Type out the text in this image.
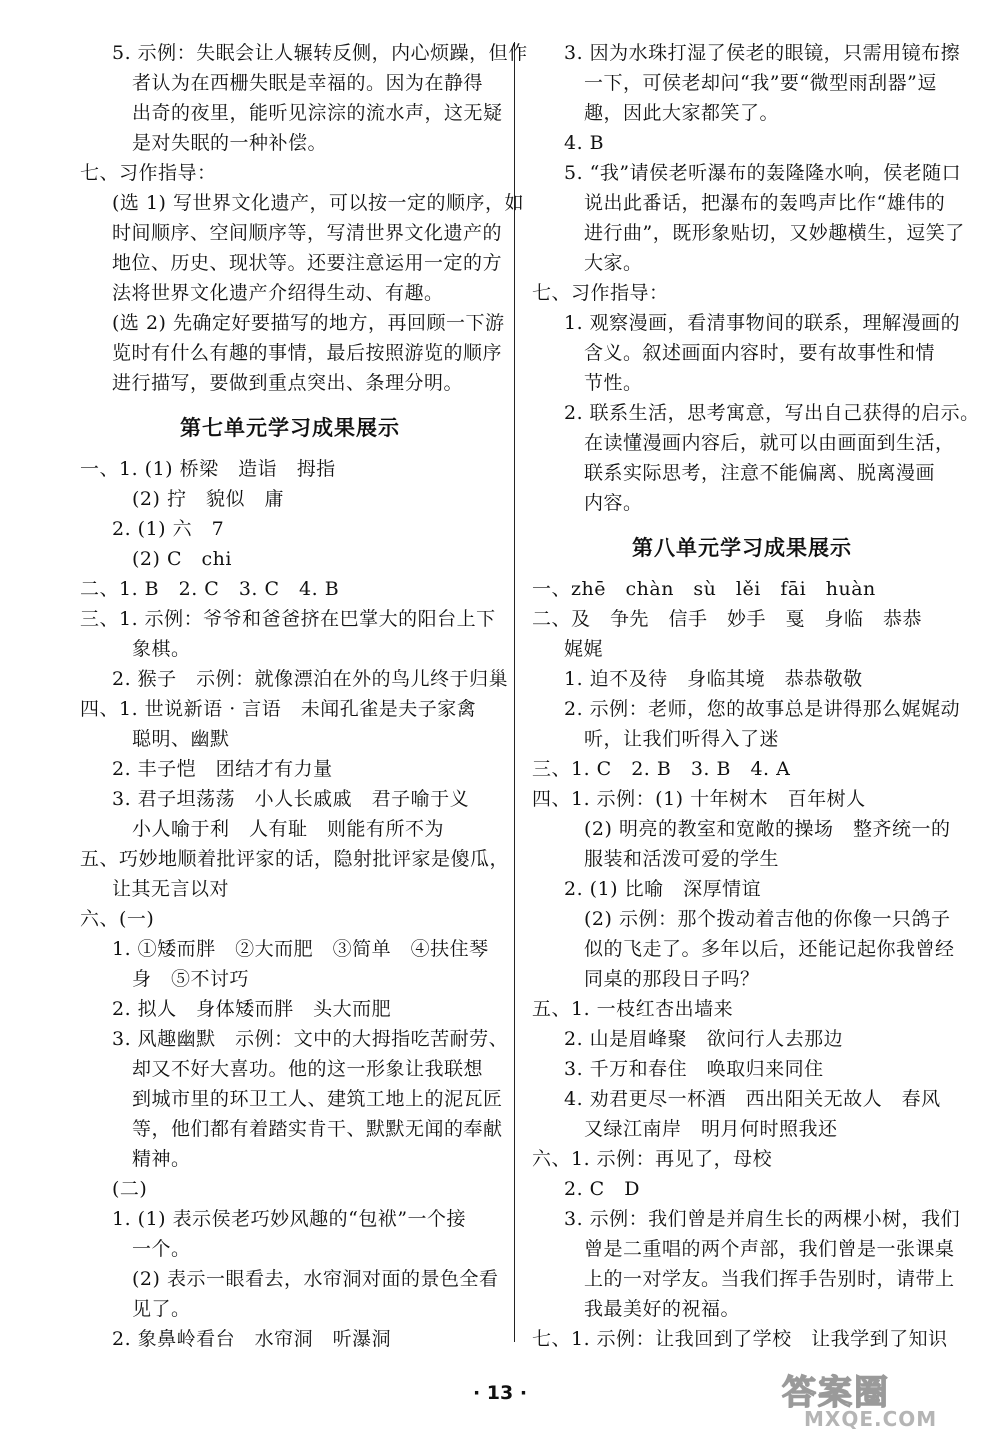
5. 示例：失眠会让人辗转反侧，内心烦躁，但作
者认为在西栅失眠是幸福的。因为在静得
出奇的夜里，能听见淙淙的流水声，这无疑
是对失眠的一种补偿。
七、习作指导：
(选 1) 写世界文化遗产，可以按一定的顺序，如
时间顺序、空间顺序等，写清世界文化遗产的
地位、历史、现状等。还要注意运用一定的方
法将世界文化遗产介绍得生动、有趣。
(选 2) 先确定好要描写的地方，再回顾一下游
览时有什么有趣的事情，最后按照游览的顺序
进行描写，要做到重点突出、条理分明。
第七单元学习成果展示
一、1. (1) 桥梁　造诣　拇指
(2) 拧　貌似　庸
2. (1) 六　7
(2) C　chi
二、1. B　2. C　3. C　4. B
三、1. 示例：爷爷和爸爸挤在巴掌大的阳台上下
象棋。
2. 猴子　示例：就像漂泊在外的鸟儿终于归巢
四、1. 世说新语 · 言语　未闻孔雀是夫子家禽
聪明、幽默
2. 丰子恺　团结才有力量
3. 君子坦荡荡　小人长戚戚　君子喻于义
小人喻于利　人有耻　则能有所不为
五、巧妙地顺着批评家的话，隐射批评家是傻瓜，
让其无言以对
六、(一)
1. ①矮而胖　②大而肥　③简单　④扶住琴
身　⑤不讨巧
2. 拟人　身体矮而胖　头大而肥
3. 风趣幽默　示例：文中的大拇指吃苦耐劳、
却又不好大喜功。他的这一形象让我联想
到城市里的环卫工人、建筑工地上的泥瓦匠
等，他们都有着踏实肯干、默默无闻的奉献
精神。
(二)
1. (1) 表示侯老巧妙风趣的“包袱”一个接
一个。
(2) 表示一眼看去，水帘洞对面的景色全看
见了。
2. 象鼻岭看台　水帘洞　听瀑洞
3. 因为水珠打湿了侯老的眼镜，只需用镜布擦
一下，可侯老却问“我”要“微型雨刮器”逗
趣，因此大家都笑了。
4. B
5. “我”请侯老听瀑布的轰隆隆水响，侯老随口
说出此番话，把瀑布的轰鸣声比作“雄伟的
进行曲”，既形象贴切，又妙趣横生，逗笑了
大家。
七、习作指导：
1. 观察漫画，看清事物间的联系，理解漫画的
含义。叙述画面内容时，要有故事性和情
节性。
2. 联系生活，思考寓意，写出自己获得的启示。
在读懂漫画内容后，就可以由画面到生活，
联系实际思考，注意不能偏离、脱离漫画
内容。
第八单元学习成果展示
一、zhē　chàn　sù　lěi　fāi　huàn
二、及　争先　信手　妙手　戛　身临　恭恭
娓娓
1. 迫不及待　身临其境　恭恭敬敬
2. 示例：老师，您的故事总是讲得那么娓娓动
听，让我们听得入了迷
三、1. C　2. B　3. B　4. A
四、1. 示例：(1) 十年树木　百年树人
(2) 明亮的教室和宽敞的操场　整齐统一的
服装和活泼可爱的学生
2. (1) 比喻　深厚情谊
(2) 示例：那个拨动着吉他的你像一只鸽子
似的飞走了。多年以后，还能记起你我曾经
同桌的那段日子吗？
五、1. 一枝红杏出墙来
2. 山是眉峰聚　欲问行人去那边
3. 千万和春住　唤取归来同住
4. 劝君更尽一杯酒　西出阳关无故人　春风
又绿江南岸　明月何时照我还
六、1. 示例：再见了，母校
2. C　D
3. 示例：我们曾是并肩生长的两棵小树，我们
曾是二重唱的两个声部，我们曾是一张课桌
上的一对学友。当我们挥手告别时，请带上
我最美好的祝福。
七、1. 示例：让我回到了学校　让我学到了知识
· 13 ·	答案圈
MXQE.COM
